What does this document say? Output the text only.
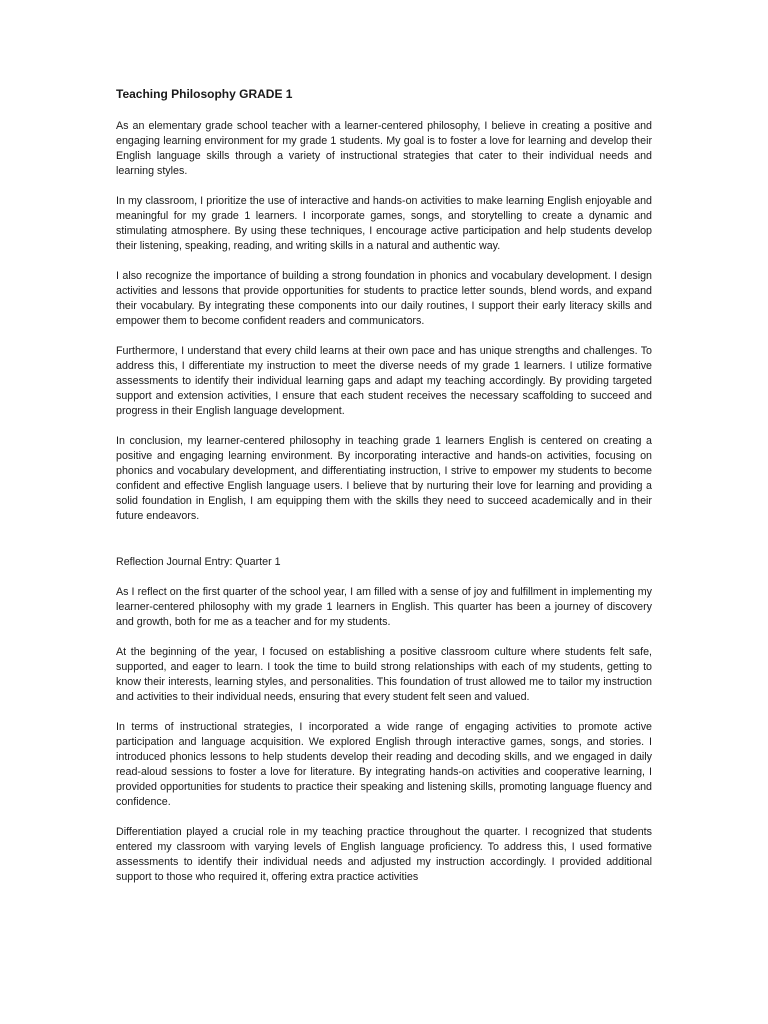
Teaching Philosophy GRADE 1

As an elementary grade school teacher with a learner-centered philosophy, I believe in creating a positive and engaging learning environment for my grade 1 students. My goal is to foster a love for learning and develop their English language skills through a variety of instructional strategies that cater to their individual needs and learning styles.

In my classroom, I prioritize the use of interactive and hands-on activities to make learning English enjoyable and meaningful for my grade 1 learners. I incorporate games, songs, and storytelling to create a dynamic and stimulating atmosphere. By using these techniques, I encourage active participation and help students develop their listening, speaking, reading, and writing skills in a natural and authentic way.

I also recognize the importance of building a strong foundation in phonics and vocabulary development. I design activities and lessons that provide opportunities for students to practice letter sounds, blend words, and expand their vocabulary. By integrating these components into our daily routines, I support their early literacy skills and empower them to become confident readers and communicators.

Furthermore, I understand that every child learns at their own pace and has unique strengths and challenges. To address this, I differentiate my instruction to meet the diverse needs of my grade 1 learners. I utilize formative assessments to identify their individual learning gaps and adapt my teaching accordingly. By providing targeted support and extension activities, I ensure that each student receives the necessary scaffolding to succeed and progress in their English language development.

In conclusion, my learner-centered philosophy in teaching grade 1 learners English is centered on creating a positive and engaging learning environment. By incorporating interactive and hands-on activities, focusing on phonics and vocabulary development, and differentiating instruction, I strive to empower my students to become confident and effective English language users. I believe that by nurturing their love for learning and providing a solid foundation in English, I am equipping them with the skills they need to succeed academically and in their future endeavors.

Reflection Journal Entry: Quarter 1

As I reflect on the first quarter of the school year, I am filled with a sense of joy and fulfillment in implementing my learner-centered philosophy with my grade 1 learners in English. This quarter has been a journey of discovery and growth, both for me as a teacher and for my students.

At the beginning of the year, I focused on establishing a positive classroom culture where students felt safe, supported, and eager to learn. I took the time to build strong relationships with each of my students, getting to know their interests, learning styles, and personalities. This foundation of trust allowed me to tailor my instruction and activities to their individual needs, ensuring that every student felt seen and valued.

In terms of instructional strategies, I incorporated a wide range of engaging activities to promote active participation and language acquisition. We explored English through interactive games, songs, and stories. I introduced phonics lessons to help students develop their reading and decoding skills, and we engaged in daily read-aloud sessions to foster a love for literature. By integrating hands-on activities and cooperative learning, I provided opportunities for students to practice their speaking and listening skills, promoting language fluency and confidence.

Differentiation played a crucial role in my teaching practice throughout the quarter. I recognized that students entered my classroom with varying levels of English language proficiency. To address this, I used formative assessments to identify their individual needs and adjusted my instruction accordingly. I provided additional support to those who required it, offering extra practice activities
